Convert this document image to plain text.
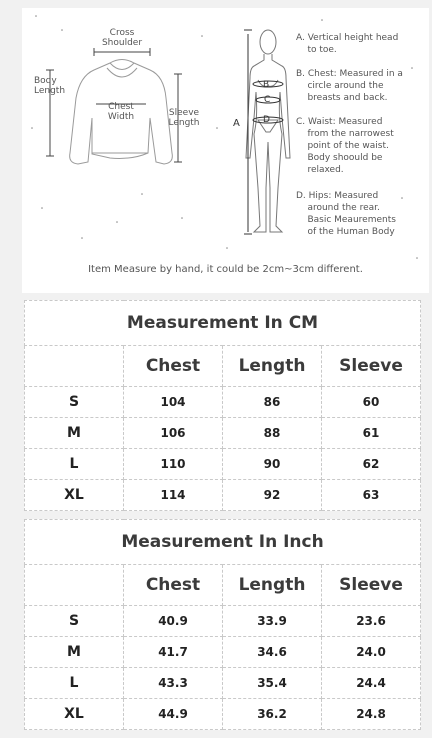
Cross
Shoulder
Body
Length
Chest
Width	Sleeve
Length	A
B
C
D
A. Vertical height head
to toe.
B. Chest: Measured in a
circle around the
breasts and back.
C. Waist: Measured
from the narrowest
point of the waist.
Body shoould be
relaxed.
D. Hips: Measured
around the rear.
Basic Meaurements
of the Human Body
Item Measure by hand, it could be 2cm~3cm different.
Measurement In CM			
	Chest	Length	Sleeve
S	104	86	60
M	106	88	61
L	110	90	62
XL	114	92	63
Measurement In Inch			
	Chest	Length	Sleeve
S	40.9	33.9	23.6
M	41.7	34.6	24.0
L	43.3	35.4	24.4
XL	44.9	36.2	24.8
